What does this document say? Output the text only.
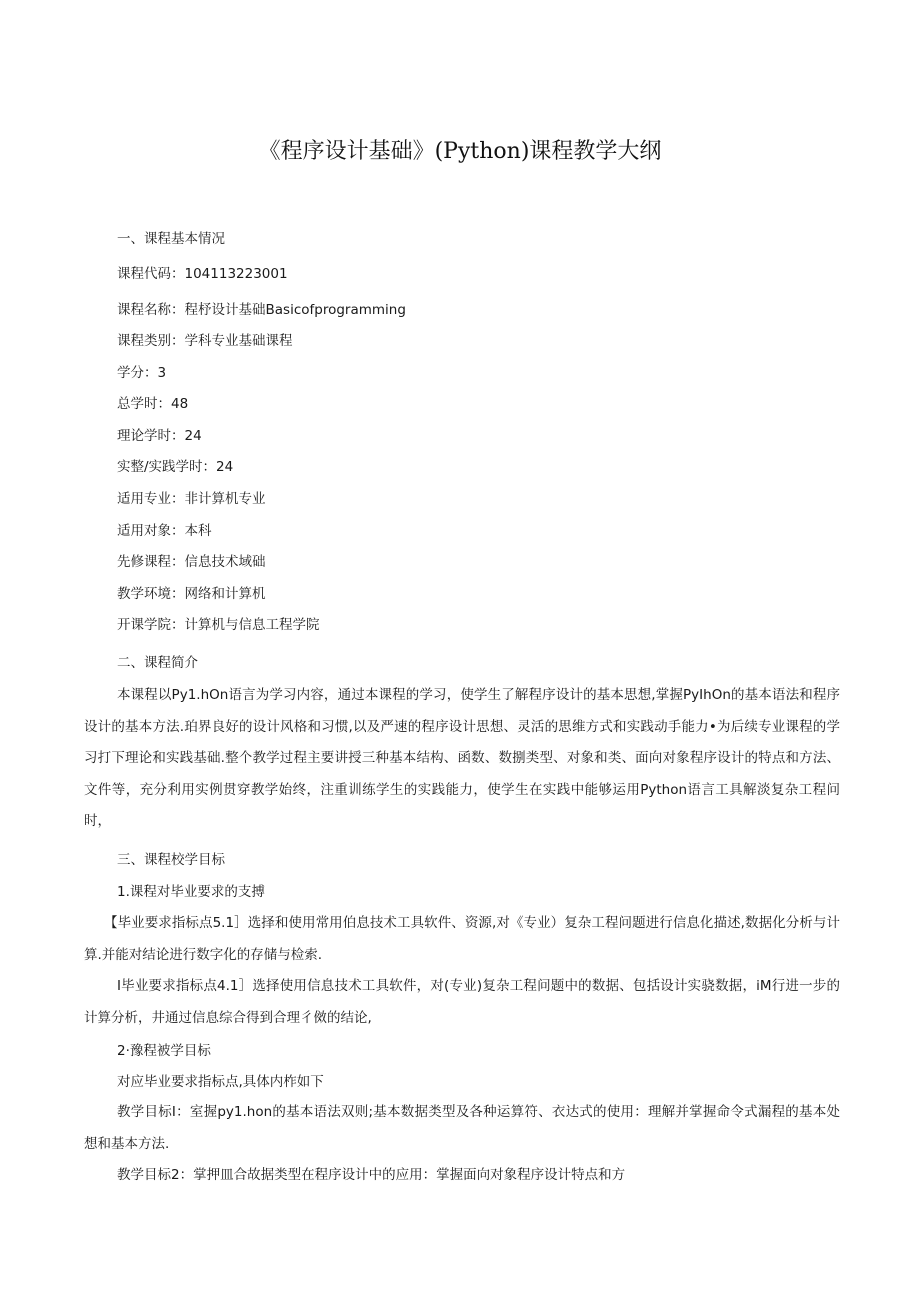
《程序设计基础》(Python)课程教学大纲
一、课程基本情况
课程代码：104113223001
课程名称：程杼设计基础Basicofprogramming
课程类别：学科专业基础课程
学分：3
总学时：48
理论学时：24
实整/实践学时：24
适用专业：非计算机专业
适用对象：本科
先修课程：信息技术域础
教学环境：网络和计算机
开课学院：计算机与信息工程学院
二、课程简介
本课程以Py1.hOn语言为学习内容，通过本课程的学习，使学生了解程序设计的基本思想,掌握PyIhOn的基本语法和程序设计的基本方法.珀界良好的设计风格和习惯,以及严速的程序设计思想、灵活的思维方式和实践动手能力•为后续专业课程的学习打下理论和实践基础.整个教学过程主要讲授三种基本结构、函数、数捌类型、对象和类、面向对象程序设计的特点和方法、文件等，充分利用实例贯穿教学始终，注重训练学生的实践能力，使学生在实践中能够运用Python语言工具解淡复杂工程问时，
三、课程校学目标
1.课程对毕业要求的支搏
【毕业要求指标点5.1］选择和使用常用伯息技术工具软件、资源,对《专业）复杂工程问题进行信息化描述,数据化分析与计算.并能对结论进行数字化的存储与检索.
I毕业要求指标点4.1］选择使用信息技术工具软件，对(专业)复杂工程问题中的数据、包括设计实骁数据，iM行进一步的计算分析，井通过信息综合得到合理彳傚的结论,
2·豫程被学目标
对应毕业要求指标点,具体内柞如下
教学目标I：室握py1.hon的基本语法双则;基本数据类型及各种运算符、衣达式的使用：理解并掌握命令式漏程的基本处想和基本方法.
教学目标2：掌押皿合故据类型在程序设计中的应用：掌握面向对象程序设计特点和方
